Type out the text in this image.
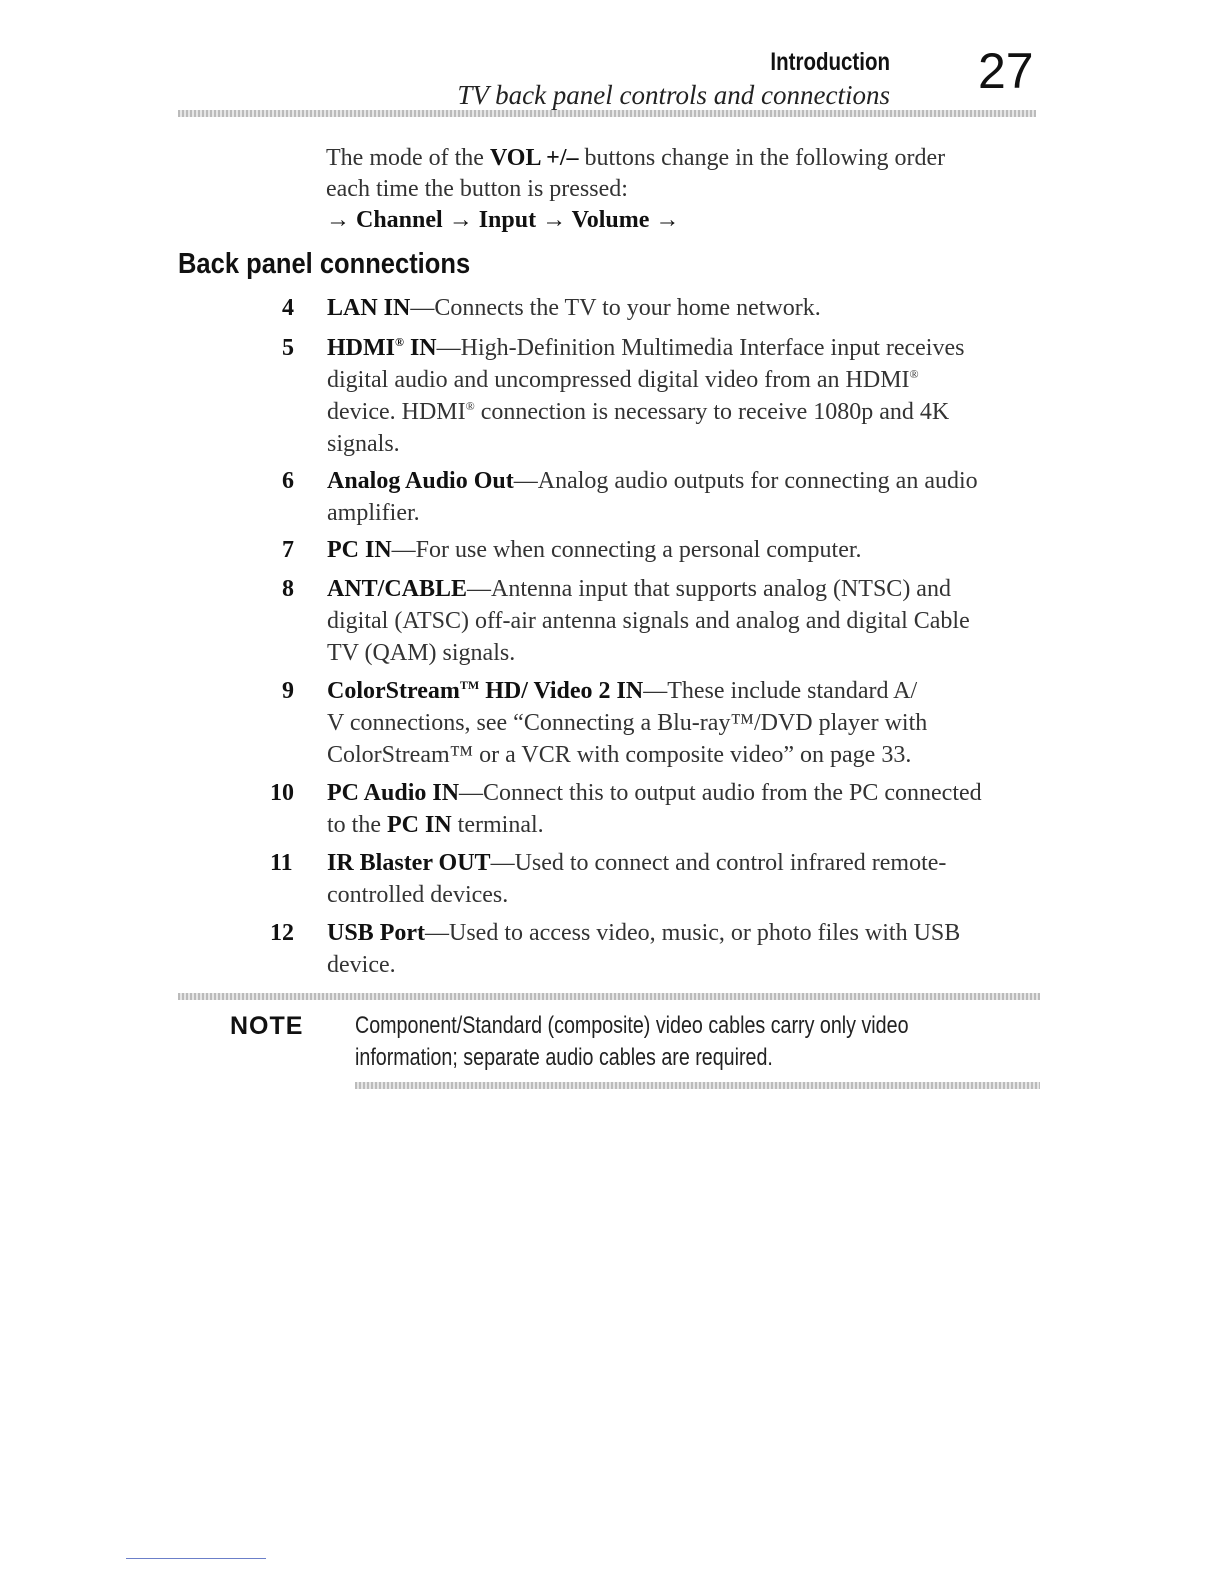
Introduction
TV back panel controls and connections 27
The mode of the VOL +/– buttons change in the following order
each time the button is pressed:
→ Channel → Input → Volume →
Back panel connections
4	LAN IN—Connects the TV to your home network.
5	HDMI® IN—High-Definition Multimedia Interface input receives
digital audio and uncompressed digital video from an HDMI®
device. HDMI® connection is necessary to receive 1080p and 4K
signals.
6	Analog Audio Out—Analog audio outputs for connecting an audio amplifier.
7	PC IN—For use when connecting a personal computer.
8	ANT/CABLE—Antenna input that supports analog (NTSC) and digital (ATSC) off-air antenna signals and analog and digital Cable TV (QAM) signals.
9	ColorStream™ HD/ Video 2 IN—These include standard A/
V connections, see “Connecting a Blu-ray™/DVD player with
ColorStream™ or a VCR with composite video” on page 33.
10	PC Audio IN—Connect this to output audio from the PC connected
to the PC IN terminal.
11	IR Blaster OUT—Used to connect and control infrared remote-
controlled devices.
12	USB Port—Used to access video, music, or photo files with USB
device.
NOTE Component/Standard (composite) video cables carry only video
information; separate audio cables are required.
